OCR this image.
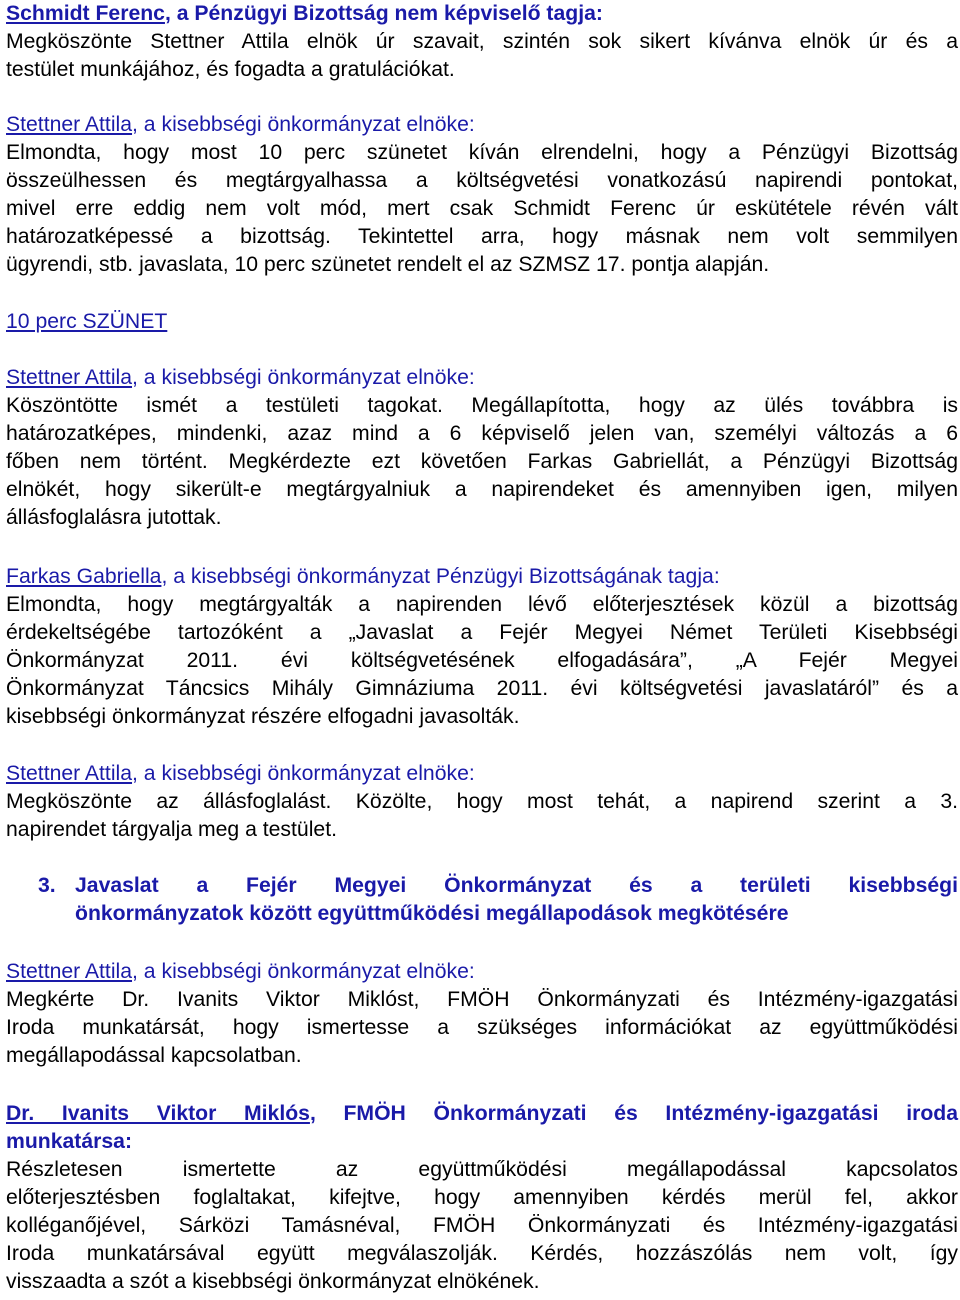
Schmidt Ferenc, a Pénzügyi Bizottság nem képviselő tagja:
Megköszönte Stettner Attila elnök úr szavait, szintén sok sikert kívánva elnök úr és a
testület munkájához, és fogadta a gratulációkat.
Stettner Attila, a kisebbségi önkormányzat elnöke:
Elmondta, hogy most 10 perc szünetet kíván elrendelni, hogy a Pénzügyi Bizottság
összeülhessen és megtárgyalhassa a költségvetési vonatkozású napirendi pontokat,
mivel erre eddig nem volt mód, mert csak Schmidt Ferenc úr eskütétele révén vált
határozatképessé a bizottság. Tekintettel arra, hogy másnak nem volt semmilyen
ügyrendi, stb. javaslata, 10 perc szünetet rendelt el az SZMSZ 17. pontja alapján.
10 perc SZÜNET
Stettner Attila, a kisebbségi önkormányzat elnöke:
Köszöntötte ismét a testületi tagokat. Megállapította, hogy az ülés továbbra is
határozatképes, mindenki, azaz mind a 6 képviselő jelen van, személyi változás a 6
főben nem történt. Megkérdezte ezt követően Farkas Gabriellát, a Pénzügyi Bizottság
elnökét, hogy sikerült-e megtárgyalniuk a napirendeket és amennyiben igen, milyen
állásfoglalásra jutottak.
Farkas Gabriella, a kisebbségi önkormányzat Pénzügyi Bizottságának tagja:
Elmondta, hogy megtárgyalták a napirenden lévő előterjesztések közül a bizottság
érdekeltségébe tartozóként a „Javaslat a Fejér Megyei Német Területi Kisebbségi
Önkormányzat 2011. évi költségvetésének elfogadására”, „A Fejér Megyei
Önkormányzat Táncsics Mihály Gimnáziuma 2011. évi költségvetési javaslatáról” és a
kisebbségi önkormányzat részére elfogadni javasolták.
Stettner Attila, a kisebbségi önkormányzat elnöke:
Megköszönte az állásfoglalást. Közölte, hogy most tehát, a napirend szerint a 3.
napirendet tárgyalja meg a testület.
3. Javaslat a Fejér Megyei Önkormányzat és a területi kisebbségi
önkormányzatok között együttműködési megállapodások megkötésére
Stettner Attila, a kisebbségi önkormányzat elnöke:
Megkérte Dr. Ivanits Viktor Miklóst, FMÖH Önkormányzati és Intézmény-igazgatási
Iroda munkatársát, hogy ismertesse a szükséges információkat az együttműködési
megállapodással kapcsolatban.
Dr. Ivanits Viktor Miklós, FMÖH Önkormányzati és Intézmény-igazgatási iroda
munkatársa:
Részletesen ismertette az együttműködési megállapodással kapcsolatos
előterjesztésben foglaltakat, kifejtve, hogy amennyiben kérdés merül fel, akkor
kolléganőjével, Sárközi Tamásnéval, FMÖH Önkormányzati és Intézmény-igazgatási
Iroda munkatársával együtt megválaszolják. Kérdés, hozzászólás nem volt, így
visszaadta a szót a kisebbségi önkormányzat elnökének.
